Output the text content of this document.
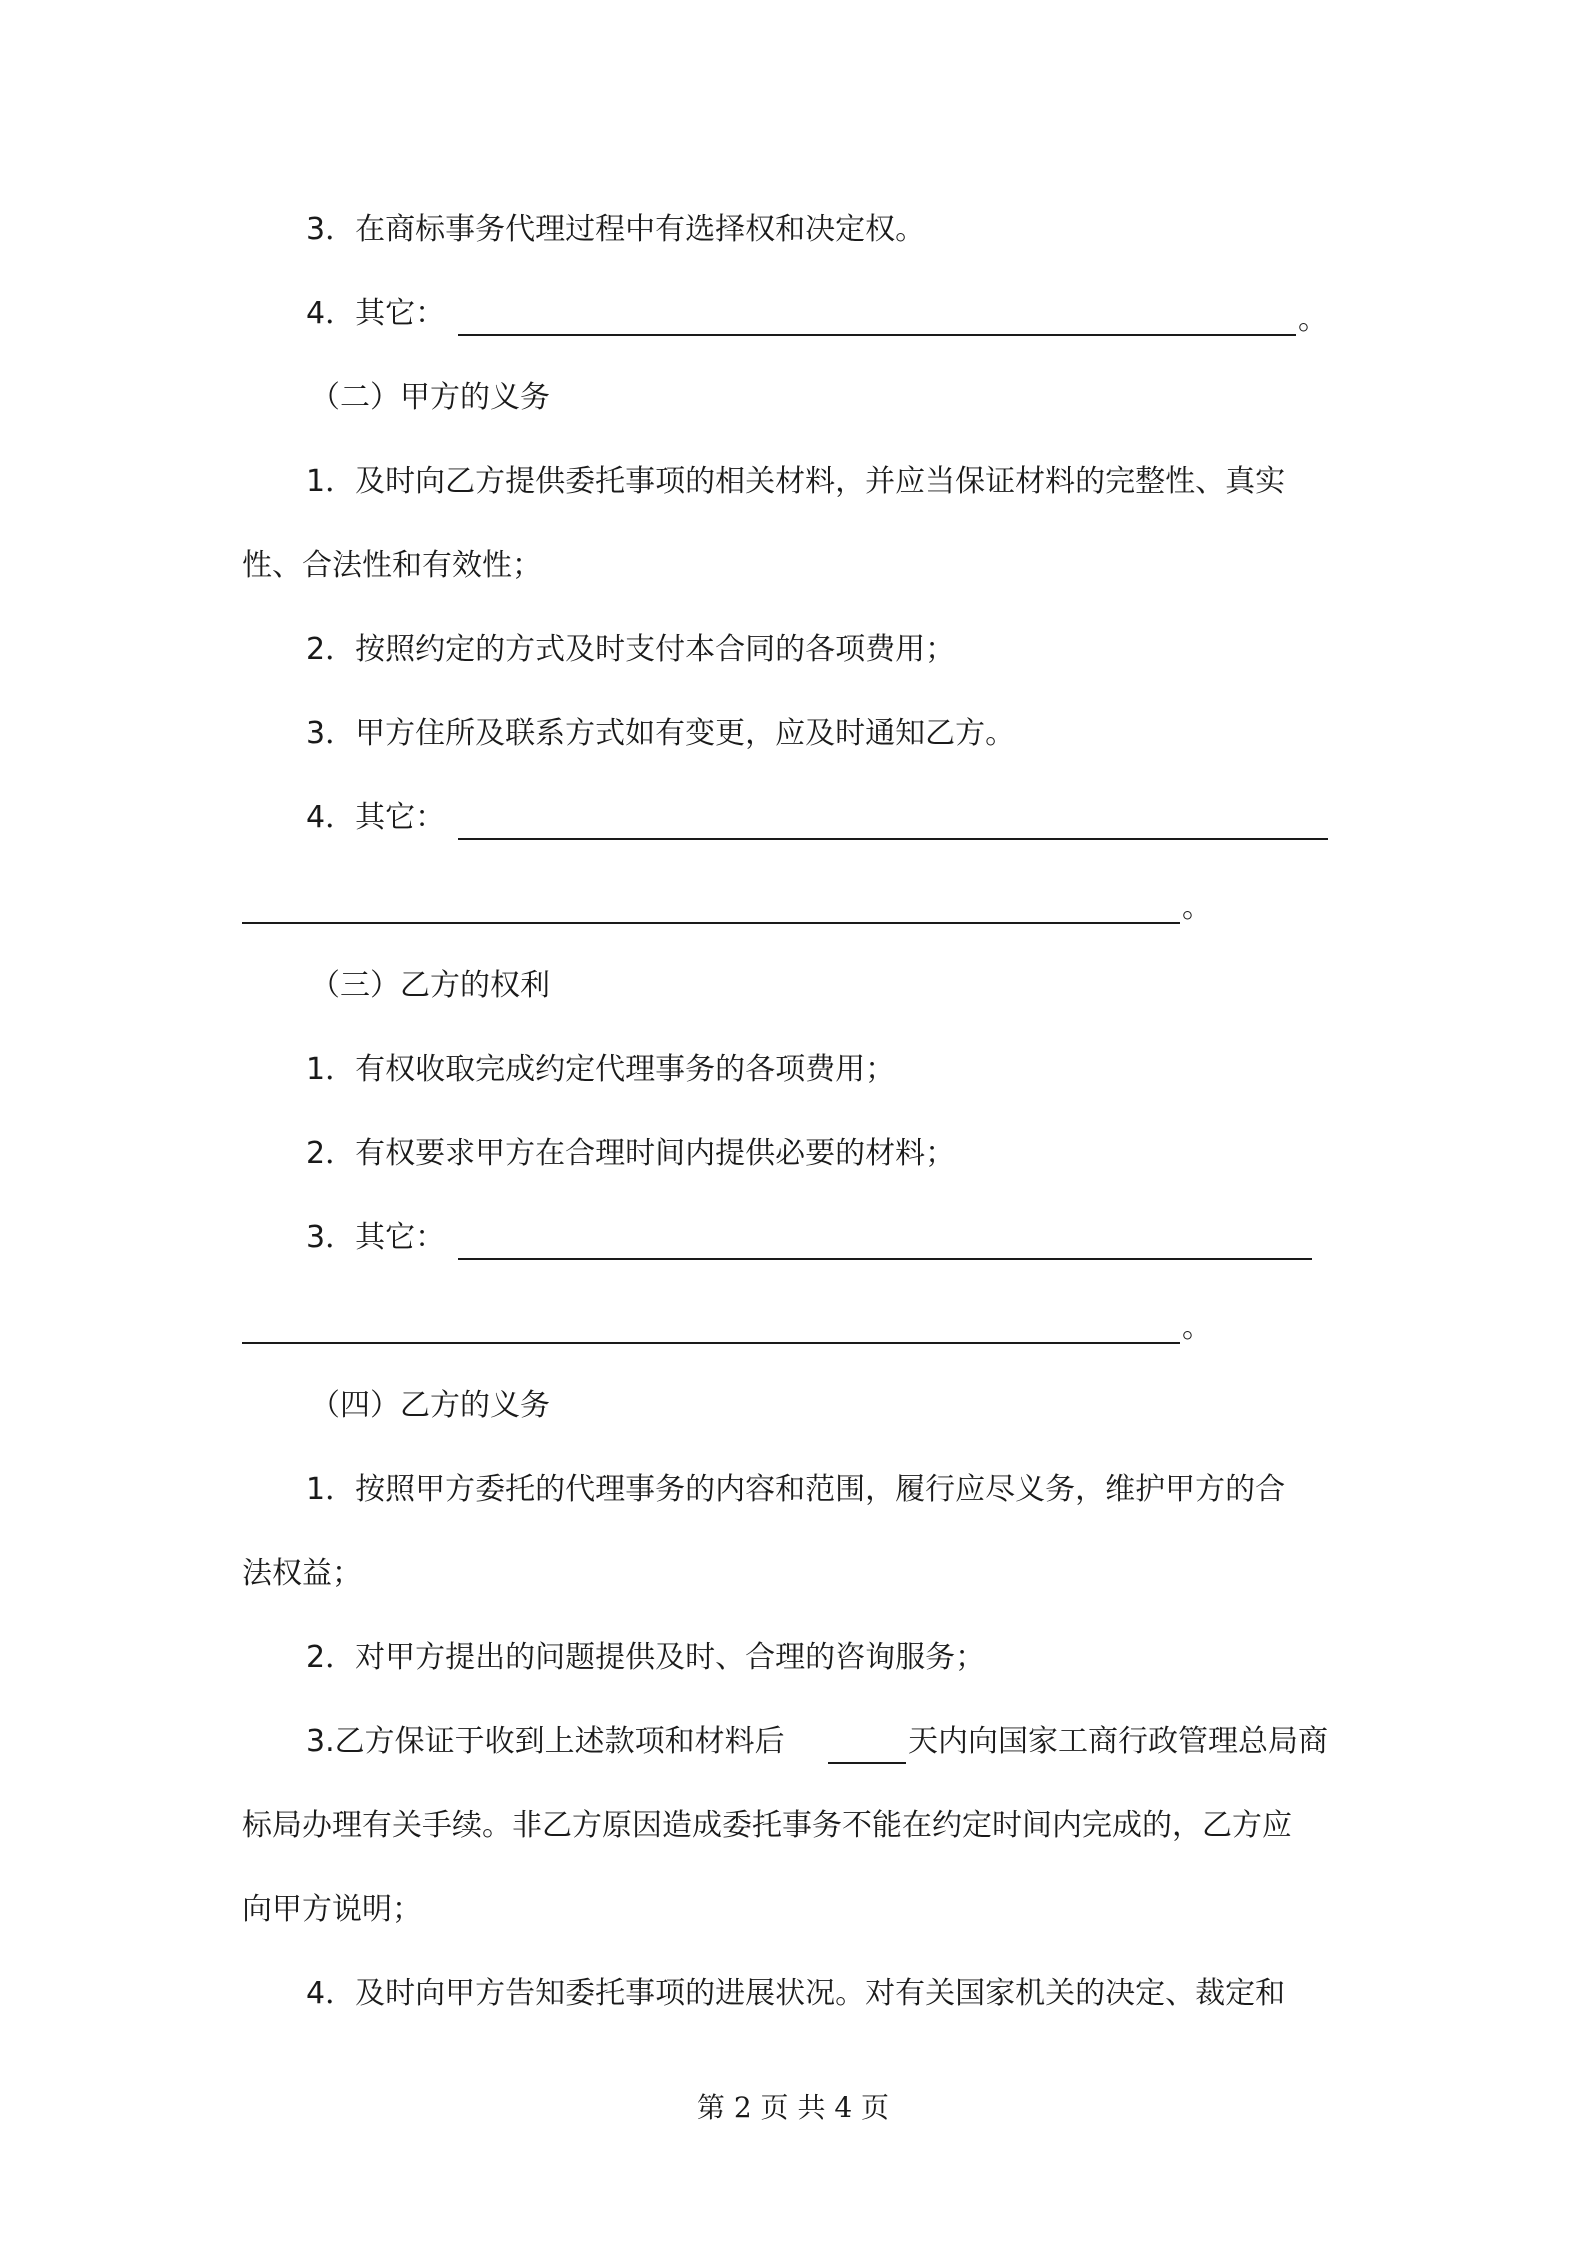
3．在商标事务代理过程中有选择权和决定权。

4．其它：	。

（二）甲方的义务

1．及时向乙方提供委托事项的相关材料，并应当保证材料的完整性、真实

性、合法性和有效性；

2．按照约定的方式及时支付本合同的各项费用；

3．甲方住所及联系方式如有变更，应及时通知乙方。

4．其它：

。

（三）乙方的权利

1．有权收取完成约定代理事务的各项费用；

2．有权要求甲方在合理时间内提供必要的材料；

3．其它：

。

（四）乙方的义务

1．按照甲方委托的代理事务的内容和范围，履行应尽义务，维护甲方的合

法权益；

2．对甲方提出的问题提供及时、合理的咨询服务；

3.乙方保证于收到上述款项和材料后	天内向国家工商行政管理总局商

标局办理有关手续。非乙方原因造成委托事务不能在约定时间内完成的，乙方应

向甲方说明；

4．及时向甲方告知委托事项的进展状况。对有关国家机关的决定、裁定和

第 2 页 共 4 页
